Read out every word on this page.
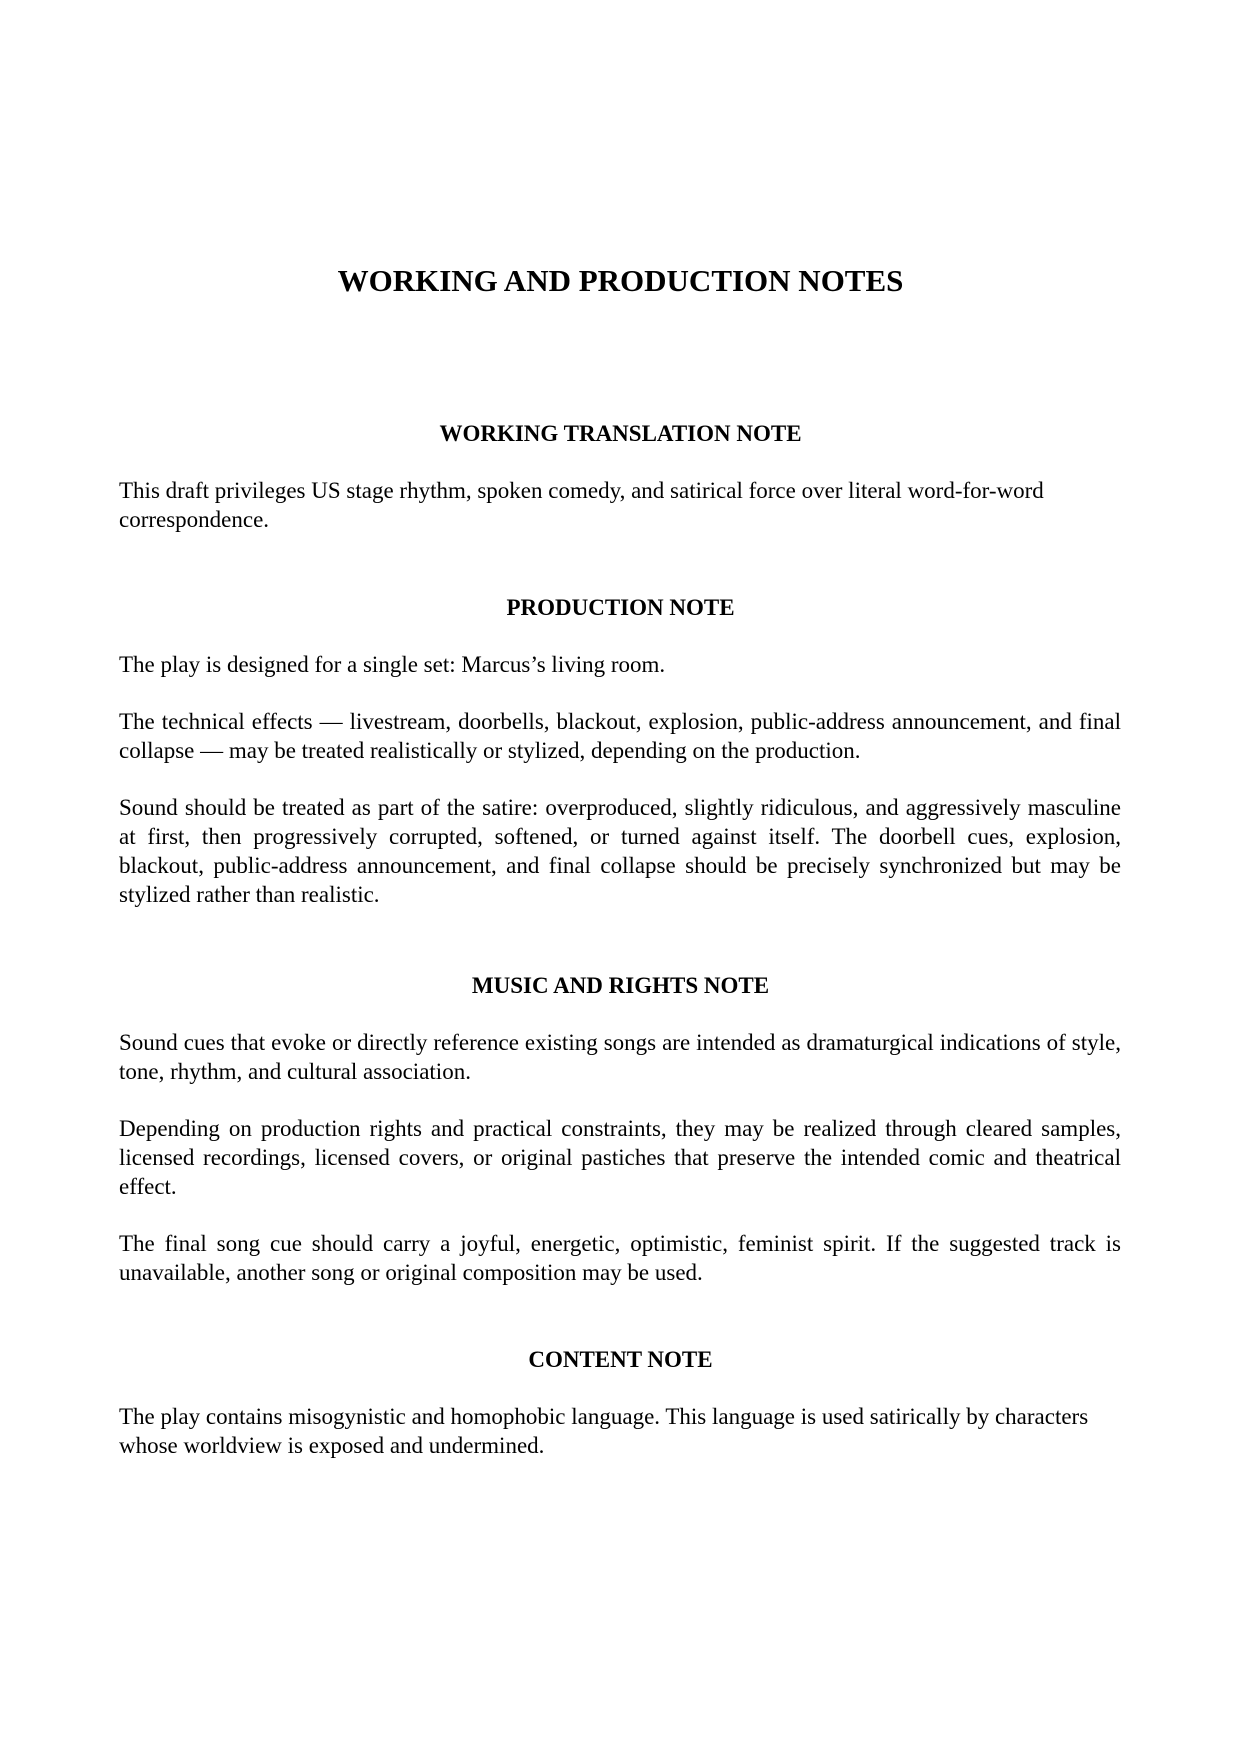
WORKING AND PRODUCTION NOTES
WORKING TRANSLATION NOTE

This draft privileges US stage rhythm, spoken comedy, and satirical force over literal word-for-word correspondence.

PRODUCTION NOTE

The play is designed for a single set: Marcus’s living room.

The technical effects — livestream, doorbells, blackout, explosion, public-address announcement, and final collapse — may be treated realistically or stylized, depending on the production.

Sound should be treated as part of the satire: overproduced, slightly ridiculous, and aggressively masculine at first, then progressively corrupted, softened, or turned against itself. The doorbell cues, explosion, blackout, public-address announcement, and final collapse should be precisely synchronized but may be stylized rather than realistic.

MUSIC AND RIGHTS NOTE

Sound cues that evoke or directly reference existing songs are intended as dramaturgical indications of style, tone, rhythm, and cultural association.

Depending on production rights and practical constraints, they may be realized through cleared samples, licensed recordings, licensed covers, or original pastiches that preserve the intended comic and theatrical effect.

The final song cue should carry a joyful, energetic, optimistic, feminist spirit. If the suggested track is unavailable, another song or original composition may be used.

CONTENT NOTE

The play contains misogynistic and homophobic language. This language is used satirically by characters whose worldview is exposed and undermined.
